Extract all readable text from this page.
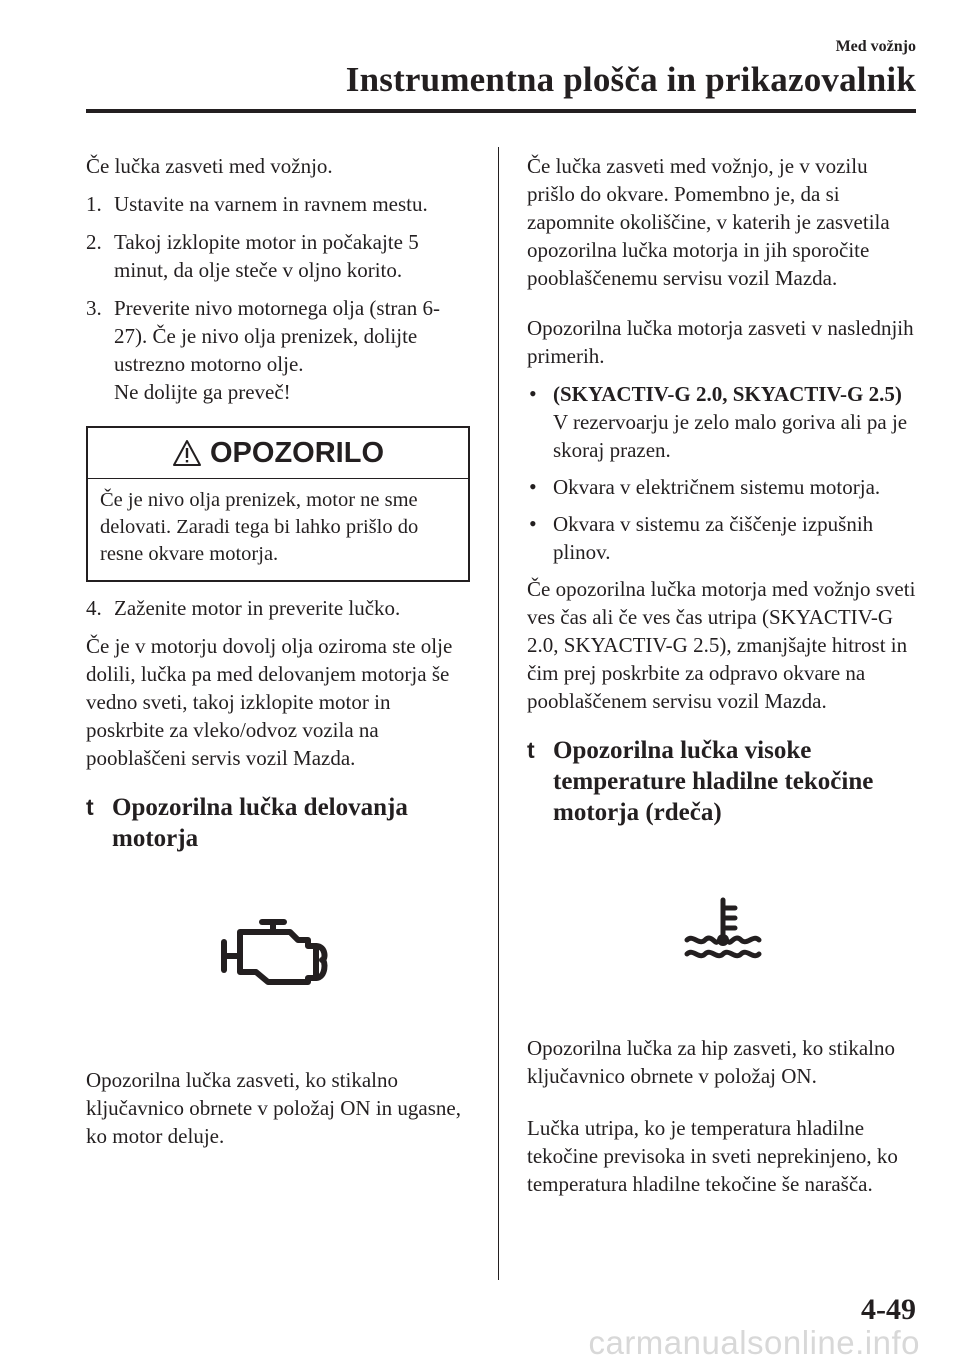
Med vožnjo
Instrumentna plošča in prikazovalnik

Če lučka zasveti med vožnjo.

1. Ustavite na varnem in ravnem mestu.
2. Takoj izklopite motor in počakajte 5 minut, da olje steče v oljno korito.
3. Preverite nivo motornega olja (stran 6-27). Če je nivo olja prenizek, dolijte ustrezno motorno olje.
Ne dolijte ga preveč!
OPOZORILO
Če je nivo olja prenizek, motor ne sme delovati. Zaradi tega bi lahko prišlo do resne okvare motorja.
4. Zaženite motor in preverite lučko.

Če je v motorju dovolj olja oziroma ste olje dolili, lučka pa med delovanjem motorja še vedno sveti, takoj izklopite motor in poskrbite za vleko/odvoz vozila na pooblaščeni servis vozil Mazda.

t Opozorilna lučka delovanja motorja

Opozorilna lučka zasveti, ko stikalno ključavnico obrnete v položaj ON in ugasne, ko motor deluje.

Če lučka zasveti med vožnjo, je v vozilu prišlo do okvare. Pomembno je, da si zapomnite okoliščine, v katerih je zasvetila opozorilna lučka motorja in jih sporočite pooblaščenemu servisu vozil Mazda.

Opozorilna lučka motorja zasveti v naslednjih primerih.

• (SKYACTIV-G 2.0, SKYACTIV-G 2.5)
V rezervoarju je zelo malo goriva ali pa je skoraj prazen.
• Okvara v električnem sistemu motorja.
• Okvara v sistemu za čiščenje izpušnih plinov.

Če opozorilna lučka motorja med vožnjo sveti ves čas ali če ves čas utripa (SKYACTIV-G 2.0, SKYACTIV-G 2.5), zmanjšajte hitrost in čim prej poskrbite za odpravo okvare na pooblaščenem servisu vozil Mazda.

t Opozorilna lučka visoke temperature hladilne tekočine motorja (rdeča)

Opozorilna lučka za hip zasveti, ko stikalno ključavnico obrnete v položaj ON.

Lučka utripa, ko je temperatura hladilne tekočine previsoka in sveti neprekinjeno, ko temperatura hladilne tekočine še narašča.

4-49
carmanualsonline.info
